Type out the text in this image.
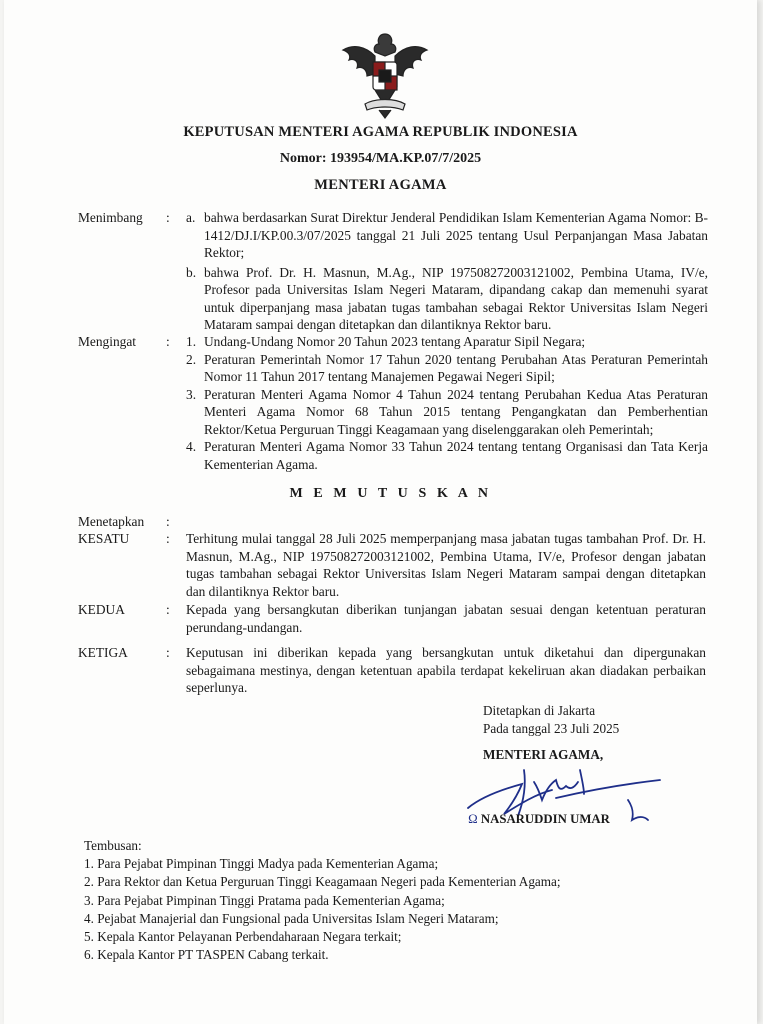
KEPUTUSAN MENTERI AGAMA REPUBLIK INDONESIA
Nomor: 193954/MA.KP.07/7/2025
MENTERI AGAMA
Menimbang : a. bahwa berdasarkan Surat Direktur Jenderal Pendidikan Islam Kementerian Agama Nomor: B-1412/DJ.I/KP.00.3/07/2025 tanggal 21 Juli 2025 tentang Usul Perpanjangan Masa Jabatan Rektor;
b. bahwa Prof. Dr. H. Masnun, M.Ag., NIP 197508272003121002, Pembina Utama, IV/e, Profesor pada Universitas Islam Negeri Mataram, dipandang cakap dan memenuhi syarat untuk diperpanjang masa jabatan tugas tambahan sebagai Rektor Universitas Islam Negeri Mataram sampai dengan ditetapkan dan dilantiknya Rektor baru.
Mengingat : 1. Undang-Undang Nomor 20 Tahun 2023 tentang Aparatur Sipil Negara;
2. Peraturan Pemerintah Nomor 17 Tahun 2020 tentang Perubahan Atas Peraturan Pemerintah Nomor 11 Tahun 2017 tentang Manajemen Pegawai Negeri Sipil;
3. Peraturan Menteri Agama Nomor 4 Tahun 2024 tentang Perubahan Kedua Atas Peraturan Menteri Agama Nomor 68 Tahun 2015 tentang Pengangkatan dan Pemberhentian Rektor/Ketua Perguruan Tinggi Keagamaan yang diselenggarakan oleh Pemerintah;
4. Peraturan Menteri Agama Nomor 33 Tahun 2024 tentang tentang Organisasi dan Tata Kerja Kementerian Agama.
M E M U T U S K A N
Menetapkan :
KESATU	: Terhitung mulai tanggal 28 Juli 2025 memperpanjang masa jabatan tugas tambahan Prof. Dr. H. Masnun, M.Ag., NIP 197508272003121002, Pembina Utama, IV/e, Profesor dengan jabatan tugas tambahan sebagai Rektor Universitas Islam Negeri Mataram sampai dengan ditetapkan dan dilantiknya Rektor baru.
KEDUA	: Kepada yang bersangkutan diberikan tunjangan jabatan sesuai dengan ketentuan peraturan perundang-undangan.
KETIGA	: Keputusan ini diberikan kepada yang bersangkutan untuk diketahui dan dipergunakan sebagaimana mestinya, dengan ketentuan apabila terdapat kekeliruan akan diadakan perbaikan seperlunya.
Ditetapkan di Jakarta
Pada tanggal 23 Juli 2025
MENTERI AGAMA,
Ω NASARUDDIN UMAR
Tembusan:
1. Para Pejabat Pimpinan Tinggi Madya pada Kementerian Agama;
2. Para Rektor dan Ketua Perguruan Tinggi Keagamaan Negeri pada Kementerian Agama;
3. Para Pejabat Pimpinan Tinggi Pratama pada Kementerian Agama;
4. Pejabat Manajerial dan Fungsional pada Universitas Islam Negeri Mataram;
5. Kepala Kantor Pelayanan Perbendaharaan Negara terkait;
6. Kepala Kantor PT TASPEN Cabang terkait.
